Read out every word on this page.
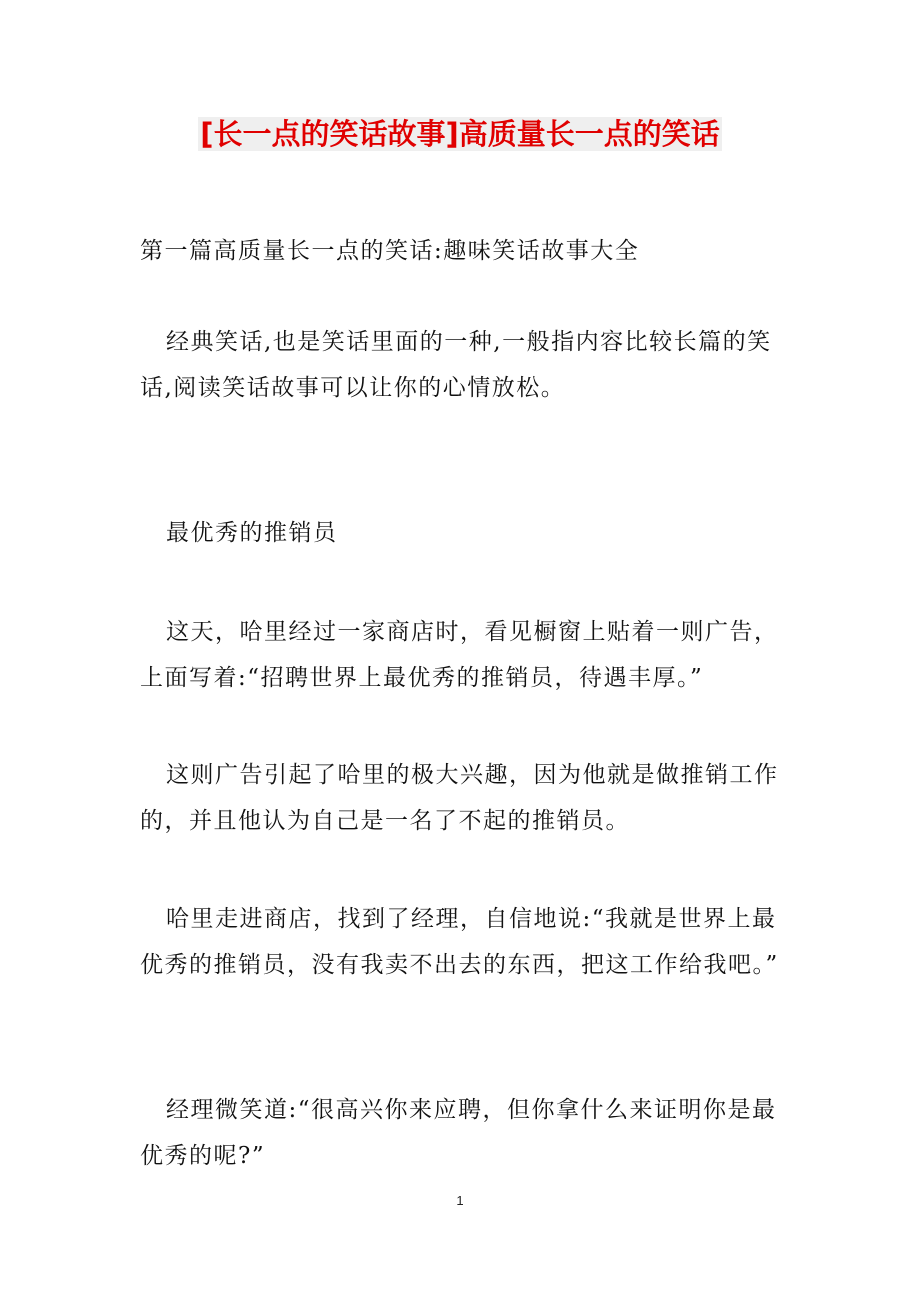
[长一点的笑话故事]高质量长一点的笑话

第一篇高质量长一点的笑话:趣味笑话故事大全

经典笑话,也是笑话里面的一种,一般指内容比较长篇的笑话,阅读笑话故事可以让你的心情放松。

最优秀的推销员

这天，哈里经过一家商店时，看见橱窗上贴着一则广告，上面写着:“招聘世界上最优秀的推销员，待遇丰厚。”

这则广告引起了哈里的极大兴趣，因为他就是做推销工作的，并且他认为自己是一名了不起的推销员。

哈里走进商店，找到了经理，自信地说:“我就是世界上最优秀的推销员，没有我卖不出去的东西，把这工作给我吧。”

经理微笑道:“很高兴你来应聘，但你拿什么来证明你是最优秀的呢?”

1
